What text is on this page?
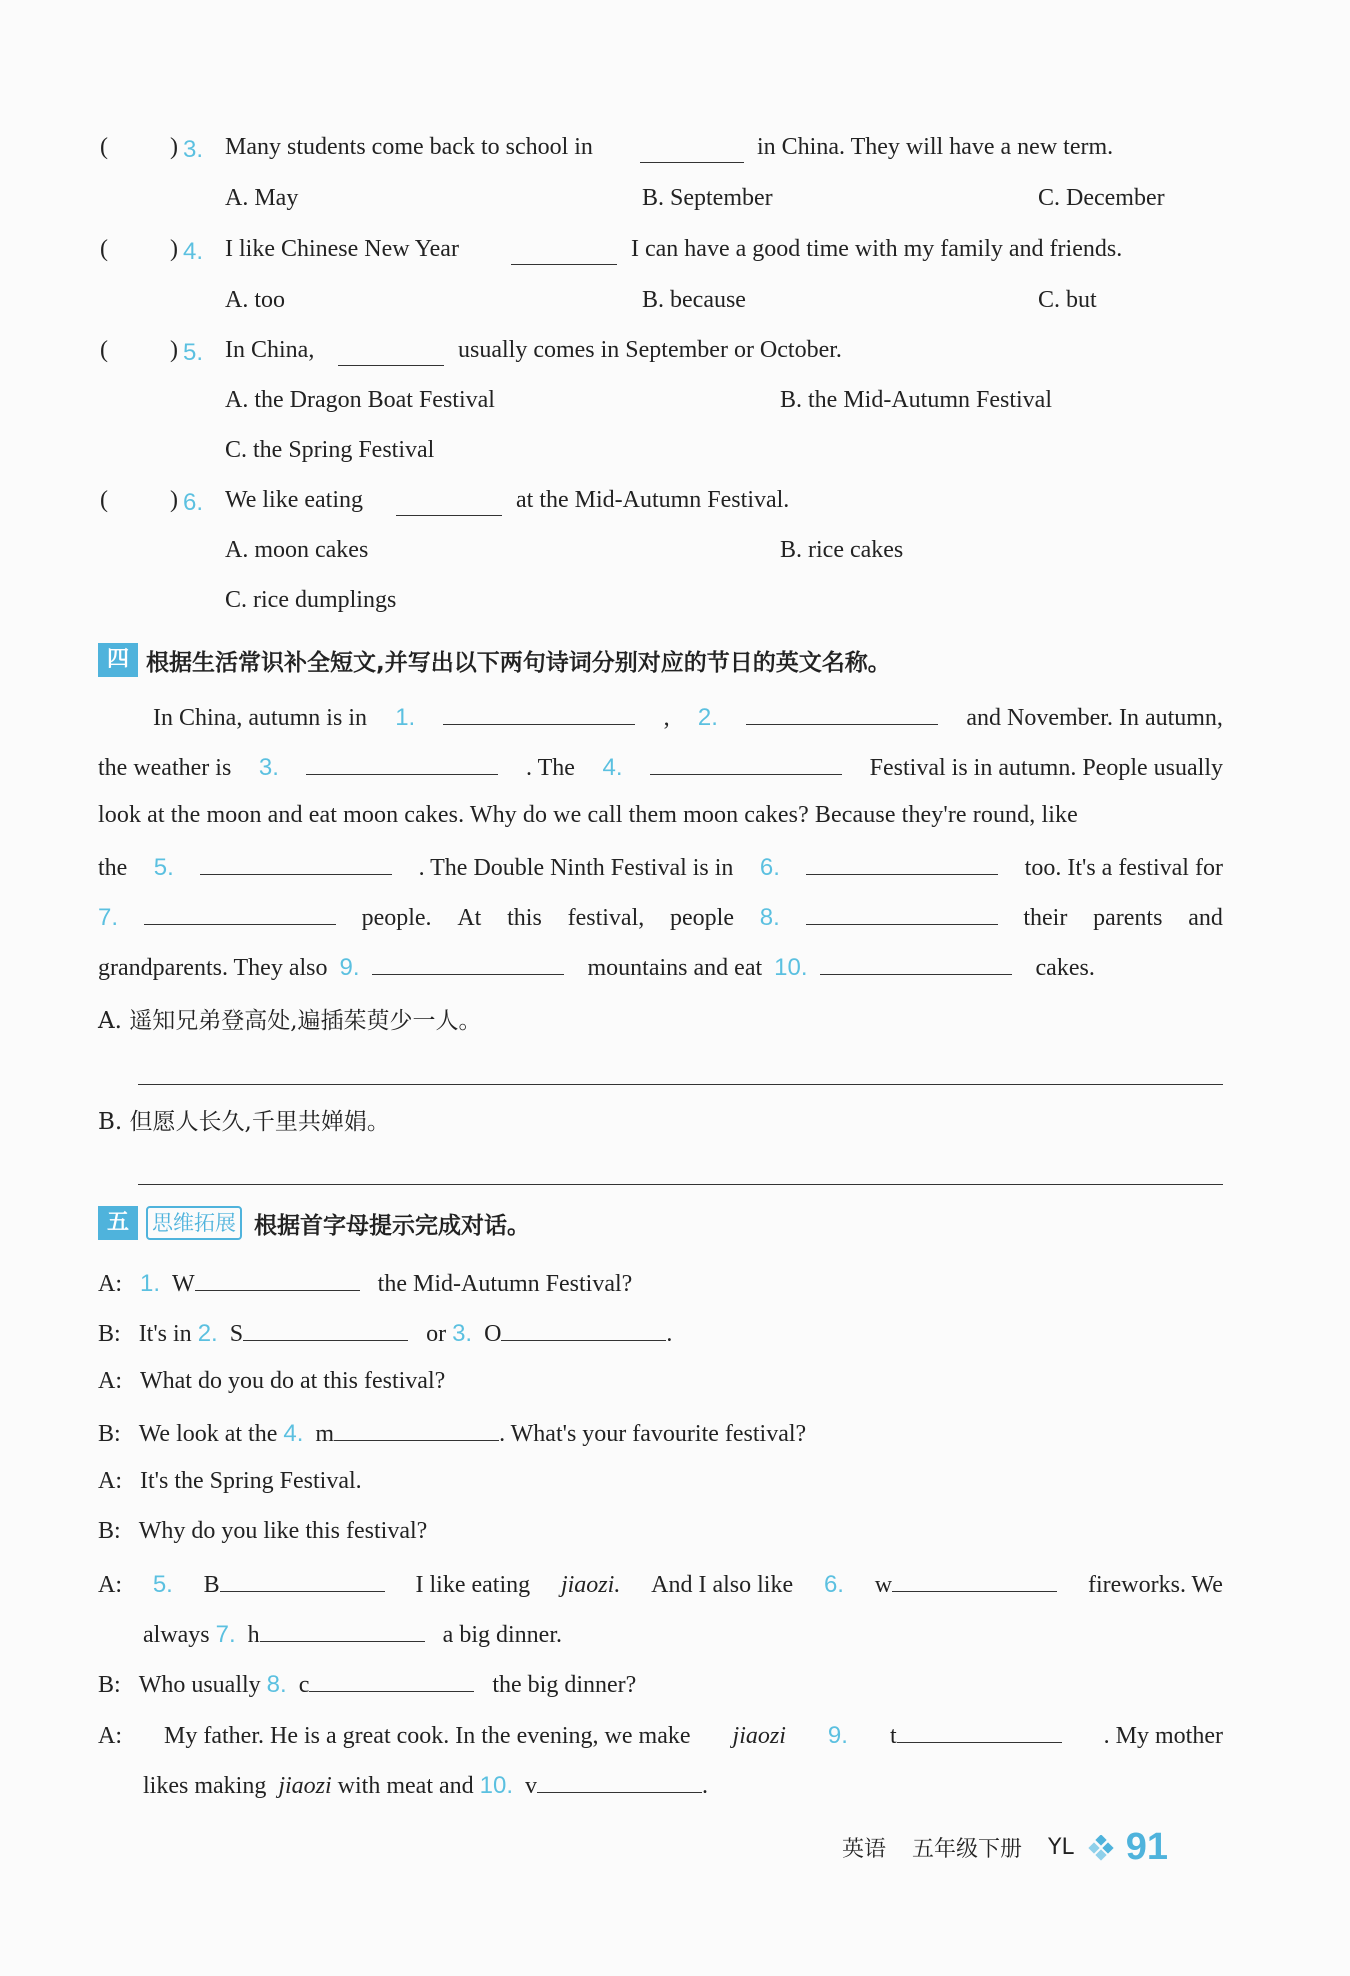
(	) 3. Many students come back to school in	in China. They will have a new term.
A. May	B. September	C. December
(	) 4. I like Chinese New Year	I can have a good time with my family and friends.
A. too	B. because	C. but
(	) 5. In China,	usually comes in September or October.
A. the Dragon Boat Festival	B. the Mid-Autumn Festival
C. the Spring Festival
(	) 6. We like eating	at the Mid-Autumn Festival.
A. moon cakes	B. rice cakes
C. rice dumplings
四 根据生活常识补全短文,并写出以下两句诗词分别对应的节日的英文名称。
In China, autumn is in 1.	, 2.	and November. In autumn,
the weather is 3.	. The 4.	Festival is in autumn. People usually
look at the moon and eat moon cakes. Why do we call them moon cakes? Because they're round, like
the 5.	. The Double Ninth Festival is in 6.	too. It's a festival for
7.	people. At this festival, people 8.	their parents and
grandparents. They also 9.	mountains and eat 10.	cakes.
A. 遥知兄弟登高处,遍插茱萸少一人。
B. 但愿人长久,千里共婵娟。
五	思维拓展 根据首字母提示完成对话。
A: 1. W	the Mid-Autumn Festival?
B: It's in 2. S	or 3. O	.
A: What do you do at this festival?
B: We look at the 4. m	. What's your favourite festival?
A: It's the Spring Festival.
B: Why do you like this festival?
A: 5. B	I like eating jiaozi. And I also like 6. w	fireworks. We
always 7. h	a big dinner.
B: Who usually 8. c	the big dinner?
A: My father. He is a great cook. In the evening, we make jiaozi 9. t	. My mother
likes making jiaozi with meat and 10. v	.
英语 五年级下册 YL 91
